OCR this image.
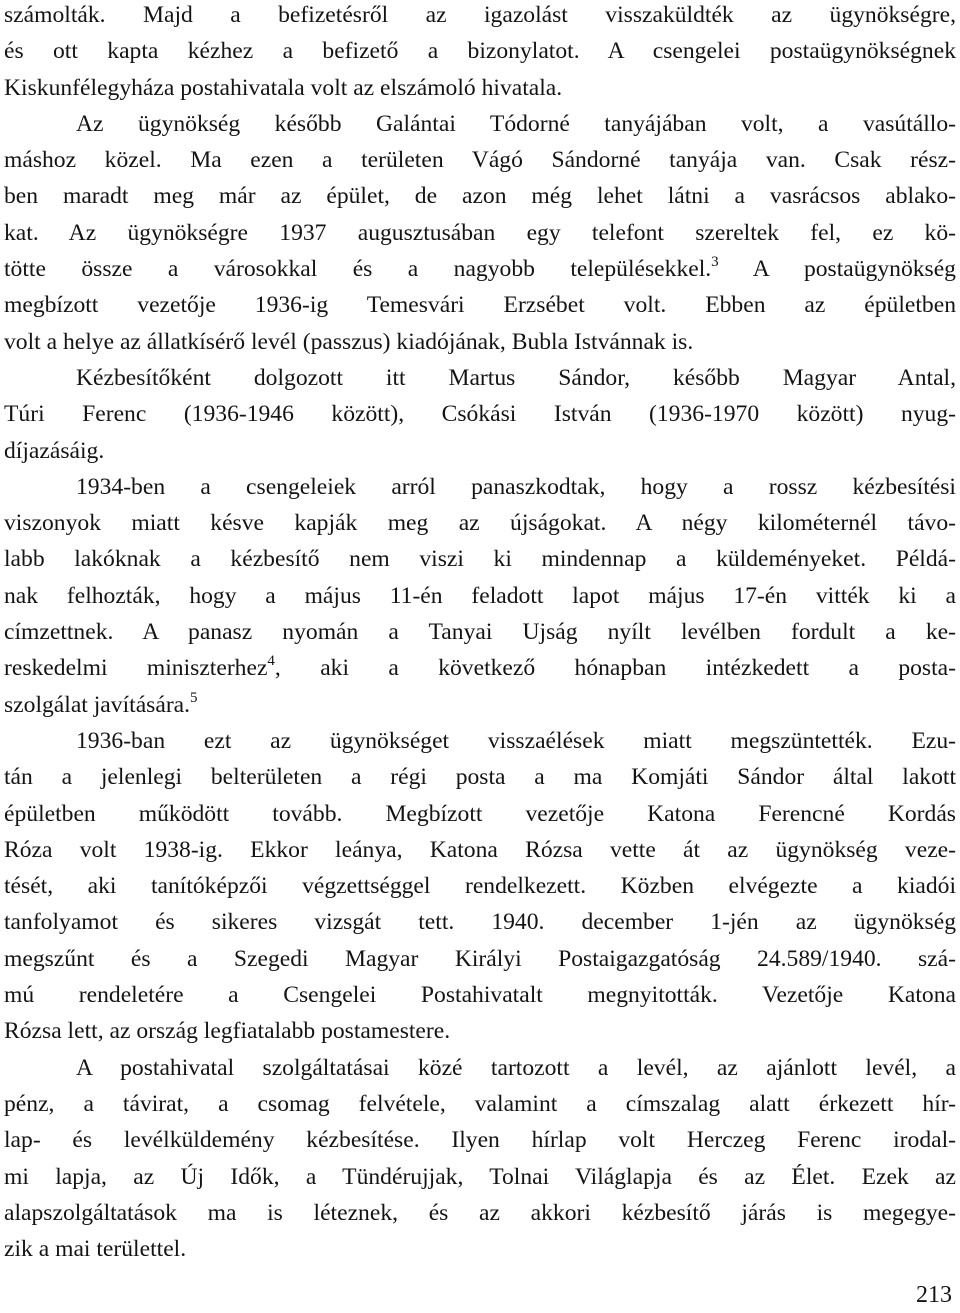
számolták. Majd a befizetésről az igazolást visszaküldték az ügynökségre,
és ott kapta kézhez a befizető a bizonylatot. A csengelei postaügynökségnek
Kiskunfélegyháza postahivatala volt az elszámoló hivatala.
Az ügynökség később Galántai Tódorné tanyájában volt, a vasútállo-
máshoz közel. Ma ezen a területen Vágó Sándorné tanyája van. Csak rész-
ben maradt meg már az épület, de azon még lehet látni a vasrácsos ablako-
kat. Az ügynökségre 1937 augusztusában egy telefont szereltek fel, ez kö-
tötte össze a városokkal és a nagyobb településekkel.$^3$ A postaügynökség
megbízott vezetője 1936-ig Temesvári Erzsébet volt. Ebben az épületben
volt a helye az állatkísérő levél (passzus) kiadójának, Bubla Istvánnak is.
Kézbesítőként dolgozott itt Martus Sándor, később Magyar Antal,
Túri Ferenc (1936-1946 között), Csókási István (1936-1970 között) nyug-
díjazásáig.
1934-ben a csengeleiek arról panaszkodtak, hogy a rossz kézbesítési
viszonyok miatt késve kapják meg az újságokat. A négy kilométernél távo-
labb lakóknak a kézbesítő nem viszi ki mindennap a küldeményeket. Példá-
nak felhozták, hogy a május 11-én feladott lapot május 17-én vitték ki a
címzettnek. A panasz nyomán a Tanyai Ujság nyílt levélben fordult a ke-
reskedelmi miniszterhez$^4$, aki a következő hónapban intézkedett a posta-
szolgálat javítására.$^5$
1936-ban ezt az ügynökséget visszaélések miatt megszüntették. Ezu-
tán a jelenlegi belterületen a régi posta a ma Komjáti Sándor által lakott
épületben működött tovább. Megbízott vezetője Katona Ferencné Kordás
Róza volt 1938-ig. Ekkor leánya, Katona Rózsa vette át az ügynökség veze-
tését, aki tanítóképzői végzettséggel rendelkezett. Közben elvégezte a kiadói
tanfolyamot és sikeres vizsgát tett. 1940. december 1-jén az ügynökség
megszűnt és a Szegedi Magyar Királyi Postaigazgatóság 24.589/1940. szá-
mú rendeletére a Csengelei Postahivatalt megnyitották. Vezetője Katona
Rózsa lett, az ország legfiatalabb postamestere.
A postahivatal szolgáltatásai közé tartozott a levél, az ajánlott levél, a
pénz, a távirat, a csomag felvétele, valamint a címszalag alatt érkezett hír-
lap- és levélküldemény kézbesítése. Ilyen hírlap volt Herczeg Ferenc irodal-
mi lapja, az Új Idők, a Tündérujjak, Tolnai Világlapja és az Élet. Ezek az
alapszolgáltatások ma is léteznek, és az akkori kézbesítő járás is megegye-
zik a mai területtel.
213
